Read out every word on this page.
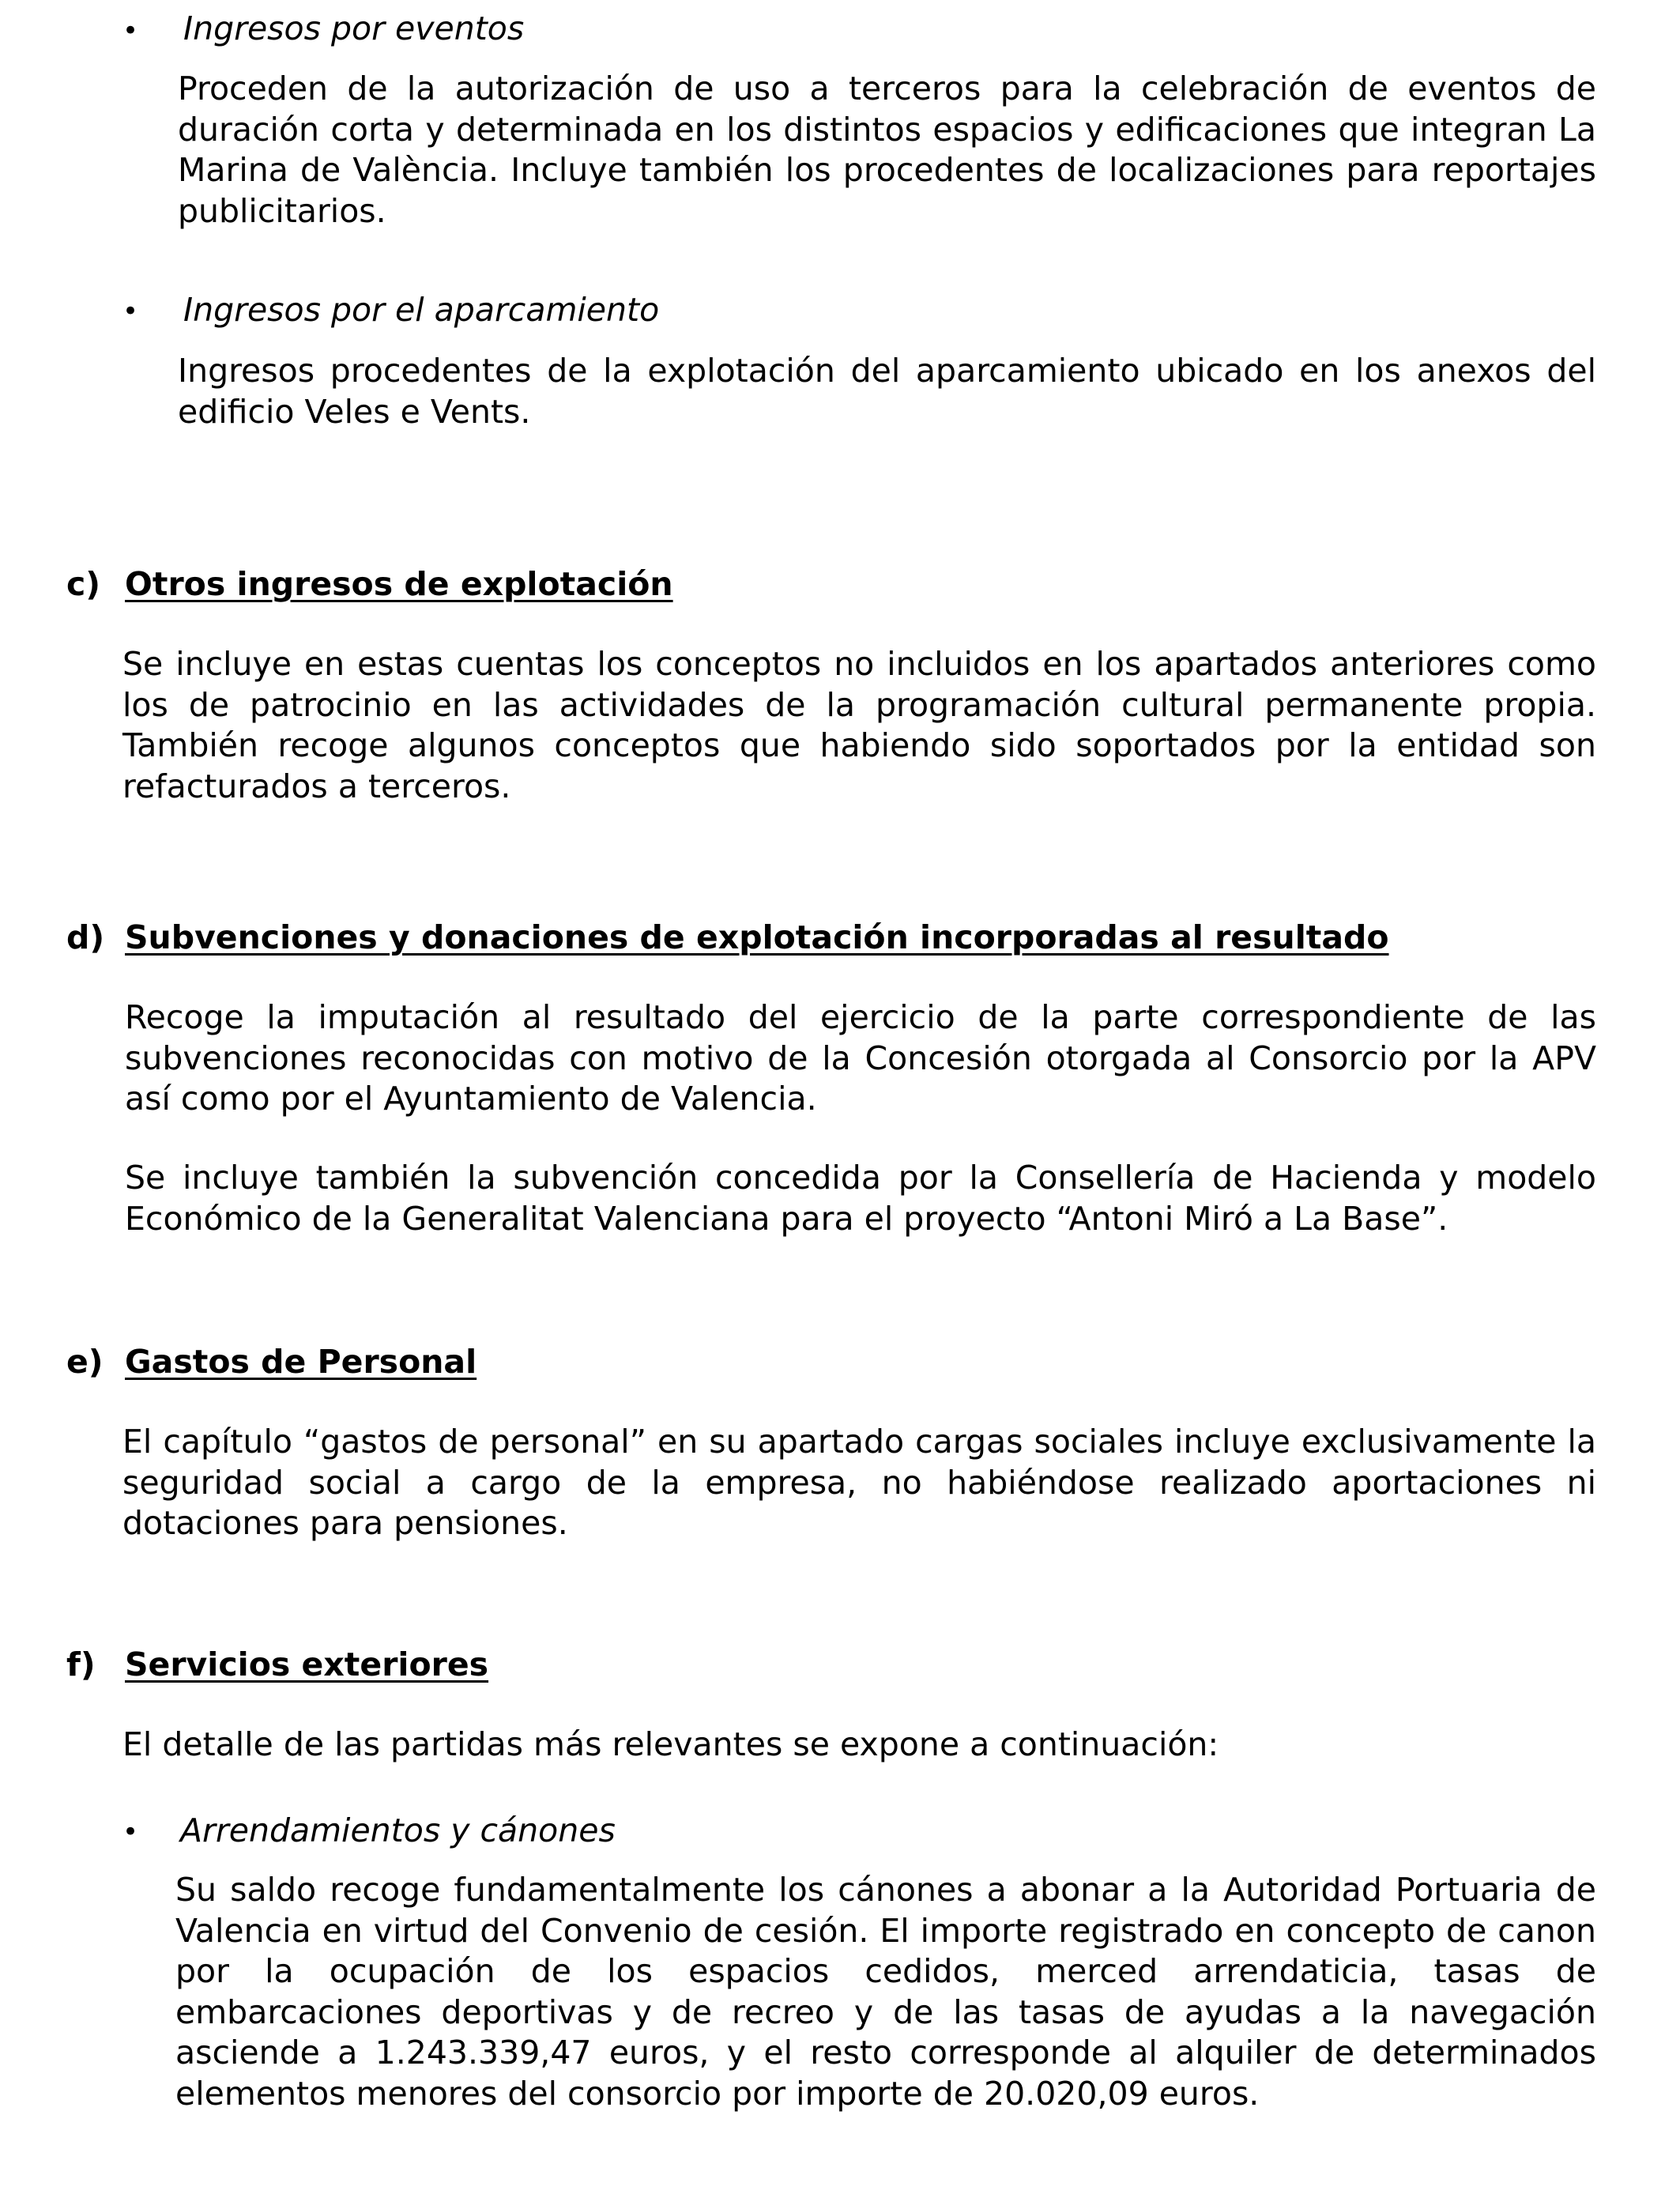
• Ingresos por eventos
Proceden de la autorización de uso a terceros para la celebración de eventos de duración corta y determinada en los distintos espacios y edificaciones que integran La Marina de València. Incluye también los procedentes de localizaciones para reportajes publicitarios.
• Ingresos por el aparcamiento
Ingresos procedentes de la explotación del aparcamiento ubicado en los anexos del edificio Veles e Vents.
c) Otros ingresos de explotación
Se incluye en estas cuentas los conceptos no incluidos en los apartados anteriores como los de patrocinio en las actividades de la programación cultural permanente propia. También recoge algunos conceptos que habiendo sido soportados por la entidad son refacturados a terceros.
d) Subvenciones y donaciones de explotación incorporadas al resultado
Recoge la imputación al resultado del ejercicio de la parte correspondiente de las subvenciones reconocidas con motivo de la Concesión otorgada al Consorcio por la APV así como por el Ayuntamiento de Valencia.
Se incluye también la subvención concedida por la Consellería de Hacienda y modelo Económico de la Generalitat Valenciana para el proyecto “Antoni Miró a La Base”.
e) Gastos de Personal
El capítulo “gastos de personal” en su apartado cargas sociales incluye exclusivamente la seguridad social a cargo de la empresa, no habiéndose realizado aportaciones ni dotaciones para pensiones.
f) Servicios exteriores
El detalle de las partidas más relevantes se expone a continuación:
• Arrendamientos y cánones
Su saldo recoge fundamentalmente los cánones a abonar a la Autoridad Portuaria de Valencia en virtud del Convenio de cesión. El importe registrado en concepto de canon por la ocupación de los espacios cedidos, merced arrendaticia, tasas de embarcaciones deportivas y de recreo y de las tasas de ayudas a la navegación asciende a 1.243.339,47 euros, y el resto corresponde al alquiler de determinados elementos menores del consorcio por importe de 20.020,09 euros.
